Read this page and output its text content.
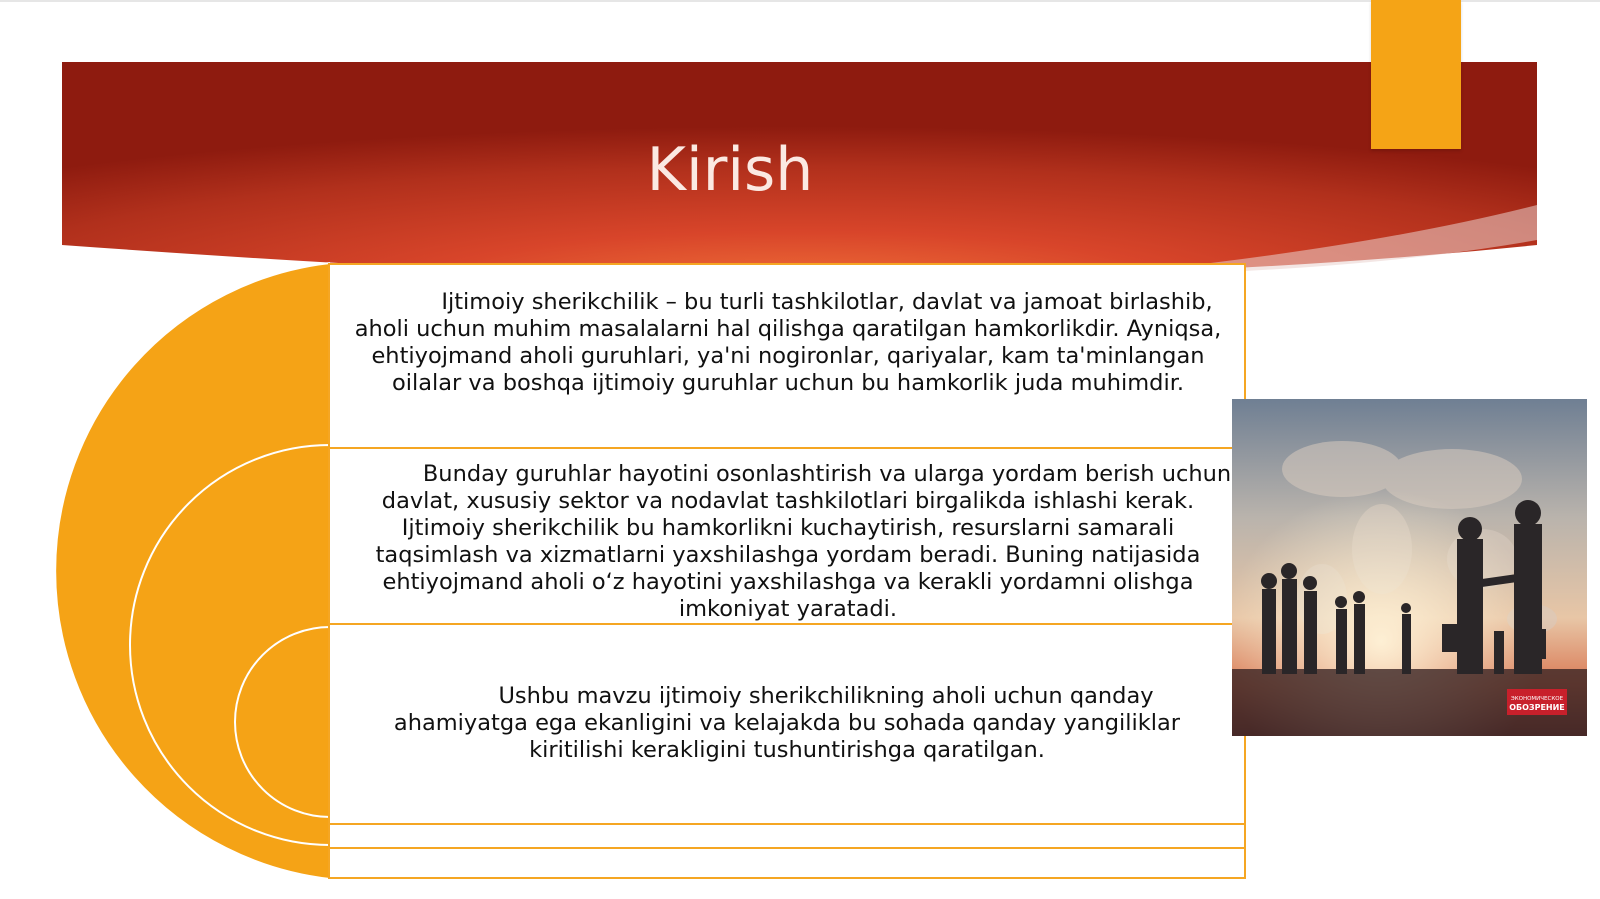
Kirish

Ijtimoiy sherikchilik – bu turli tashkilotlar, davlat va jamoat birlashib, aholi uchun muhim masalalarni hal qilishga qaratilgan hamkorlikdir. Ayniqsa, ehtiyojmand aholi guruhlari, ya'ni nogironlar, qariyalar, kam ta'minlangan oilalar va boshqa ijtimoiy guruhlar uchun bu hamkorlik juda muhimdir.

Bunday guruhlar hayotini osonlashtirish va ularga yordam berish uchun davlat, xususiy sektor va nodavlat tashkilotlari birgalikda ishlashi kerak. Ijtimoiy sherikchilik bu hamkorlikni kuchaytirish, resurslarni samarali taqsimlash va xizmatlarni yaxshilashga yordam beradi. Buning natijasida ehtiyojmand aholi o‘z hayotini yaxshilashga va kerakli yordamni olishga imkoniyat yaratadi.

Ushbu mavzu ijtimoiy sherikchilikning aholi uchun qanday ahamiyatga ega ekanligini va kelajakda bu sohada qanday yangiliklar kiritilishi kerakligini tushuntirishga qaratilgan.

ЭКОНОМИЧЕСКОЕ
ОБОЗРЕНИЕ
